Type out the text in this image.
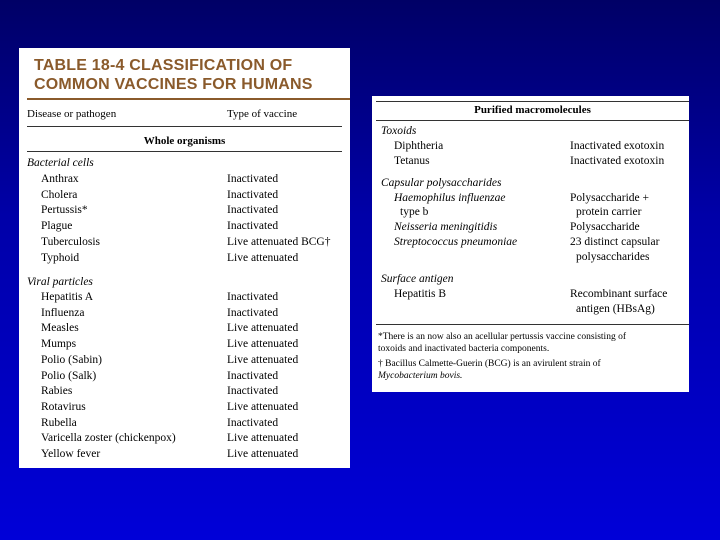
TABLE 18-4 CLASSIFICATION OF
COMMON VACCINES FOR HUMANS
Disease or pathogen	Type of vaccine
Whole organisms
Bacterial cells
Anthrax	Inactivated
Cholera	Inactivated
Pertussis*	Inactivated
Plague	Inactivated
Tuberculosis	Live attenuated BCG†
Typhoid	Live attenuated
Viral particles
Hepatitis A	Inactivated
Influenza	Inactivated
Measles	Live attenuated
Mumps	Live attenuated
Polio (Sabin)	Live attenuated
Polio (Salk)	Inactivated
Rabies	Inactivated
Rotavirus	Live attenuated
Rubella	Inactivated
Varicella zoster (chickenpox)	Live attenuated
Yellow fever	Live attenuated
Purified macromolecules
Toxoids
Diphtheria	Inactivated exotoxin
Tetanus	Inactivated exotoxin
Capsular polysaccharides
Haemophilus influenzae	Polysaccharide +
type b	protein carrier
Neisseria meningitidis	Polysaccharide
Streptococcus pneumoniae	23 distinct capsular
polysaccharides
Surface antigen
Hepatitis B	Recombinant surface
antigen (HBsAg)
*There is an now also an acellular pertussis vaccine consisting of
toxoids and inactivated bacteria components.
† Bacillus Calmette-Guerin (BCG) is an avirulent strain of
Mycobacterium bovis.
